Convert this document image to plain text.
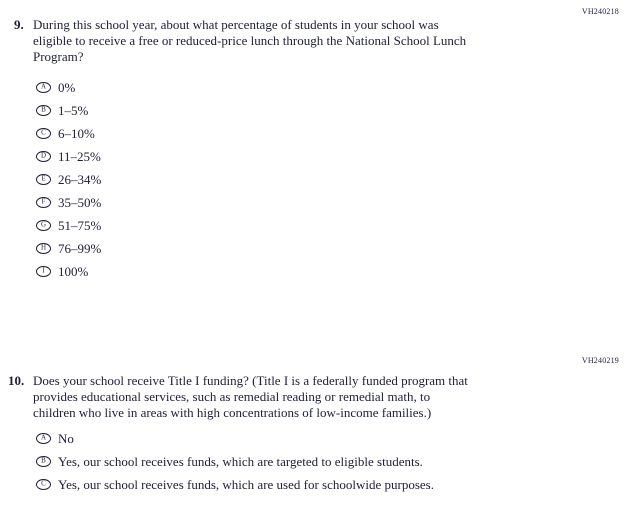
VH240218
9. During this school year, about what percentage of students in your school was
eligible to receive a free or reduced-price lunch through the National School Lunch
Program?
A 0%
B 1–5%
C 6–10%
D 11–25%
E 26–34%
F 35–50%
G 51–75%
H 76–99%
I 100%
VH240219
10. Does your school receive Title I funding? (Title I is a federally funded program that
provides educational services, such as remedial reading or remedial math, to
children who live in areas with high concentrations of low-income families.)
A No
B Yes, our school receives funds, which are targeted to eligible students.
C Yes, our school receives funds, which are used for schoolwide purposes.
